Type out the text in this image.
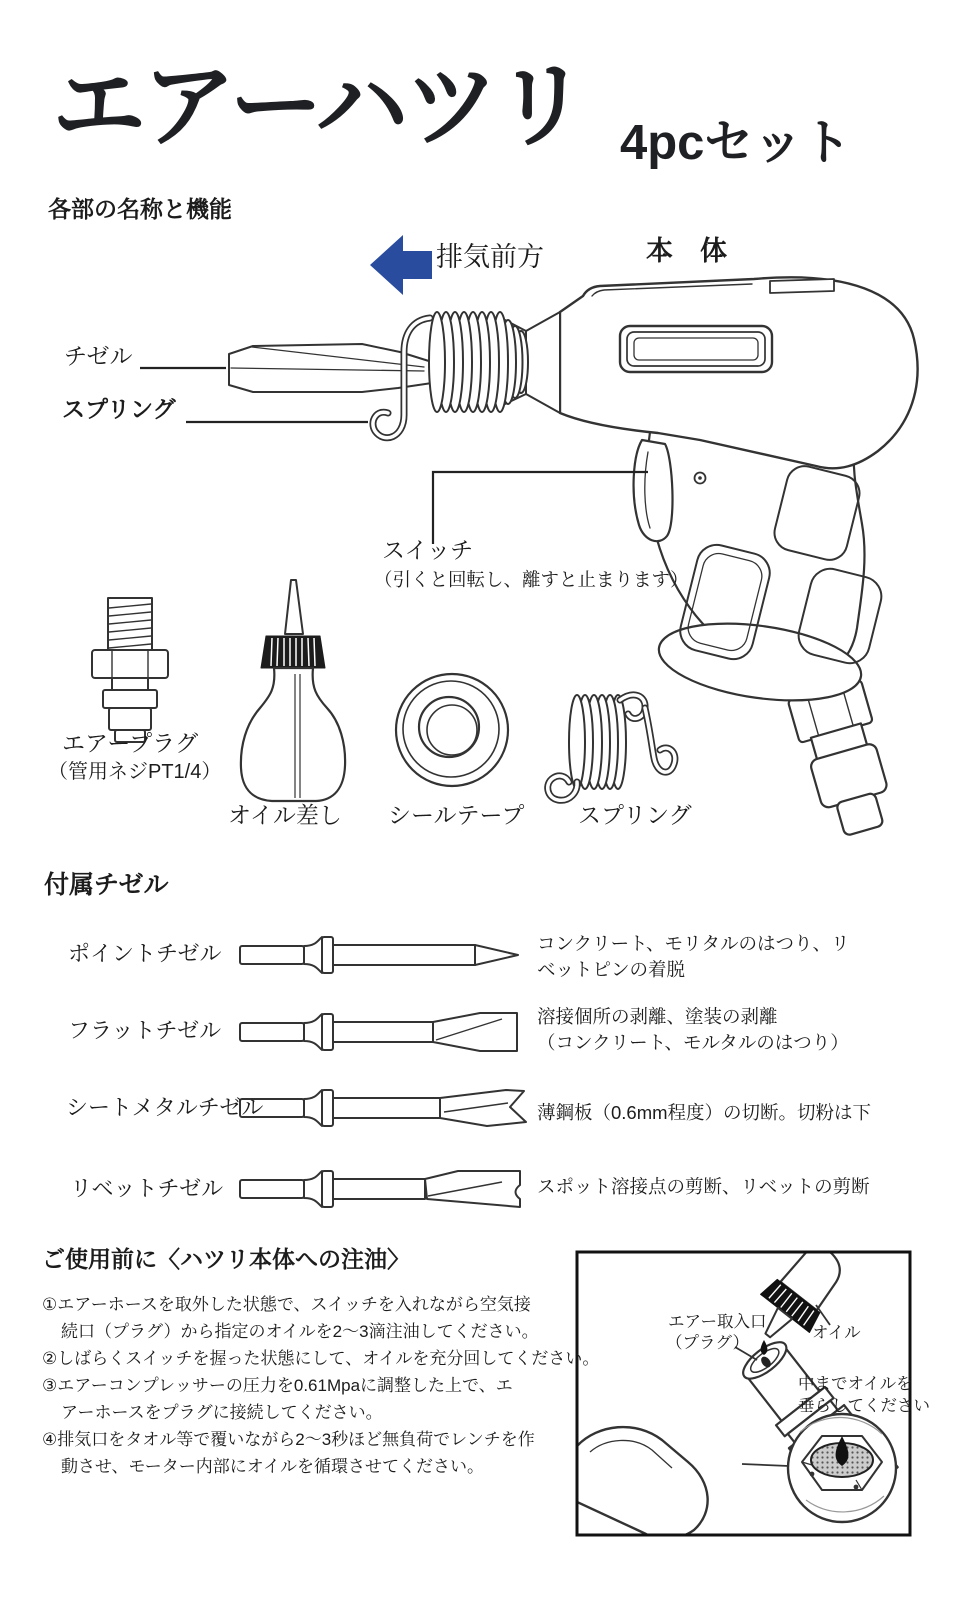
エアーハツリ 4pcセット
各部の名称と機能
排気前方	本　体
チゼル
スプリング
スイッチ
（引くと回転し、離すと止まります）
エアープラグ
（管用ネジPT1/4）
オイル差し シールテープ スプリング
付属チゼル
ポイントチゼル
フラットチゼル
シートメタルチゼル
リベットチゼル
コンクリート、モリタルのはつり、リ
ベットピンの着脱
溶接個所の剥離、塗装の剥離
（コンクリート、モルタルのはつり）
薄鋼板（0.6mm程度）の切断。切粉は下
スポット溶接点の剪断、リベットの剪断
ご使用前に〈ハツリ本体への注油〉
①エアーホースを取外した状態で、スイッチを入れながら空気接
続口（プラグ）から指定のオイルを2〜3滴注油してください。
②しばらくスイッチを握った状態にして、オイルを充分回してください。
③エアーコンプレッサーの圧力を0.61Mpaに調整した上で、エ
アーホースをプラグに接続してください。
④排気口をタオル等で覆いながら2〜3秒ほど無負荷でレンチを作
動させ、モーター内部にオイルを循環させてください。
エアー取入口
（プラグ）
オイル
中までオイルを
垂らしてください
